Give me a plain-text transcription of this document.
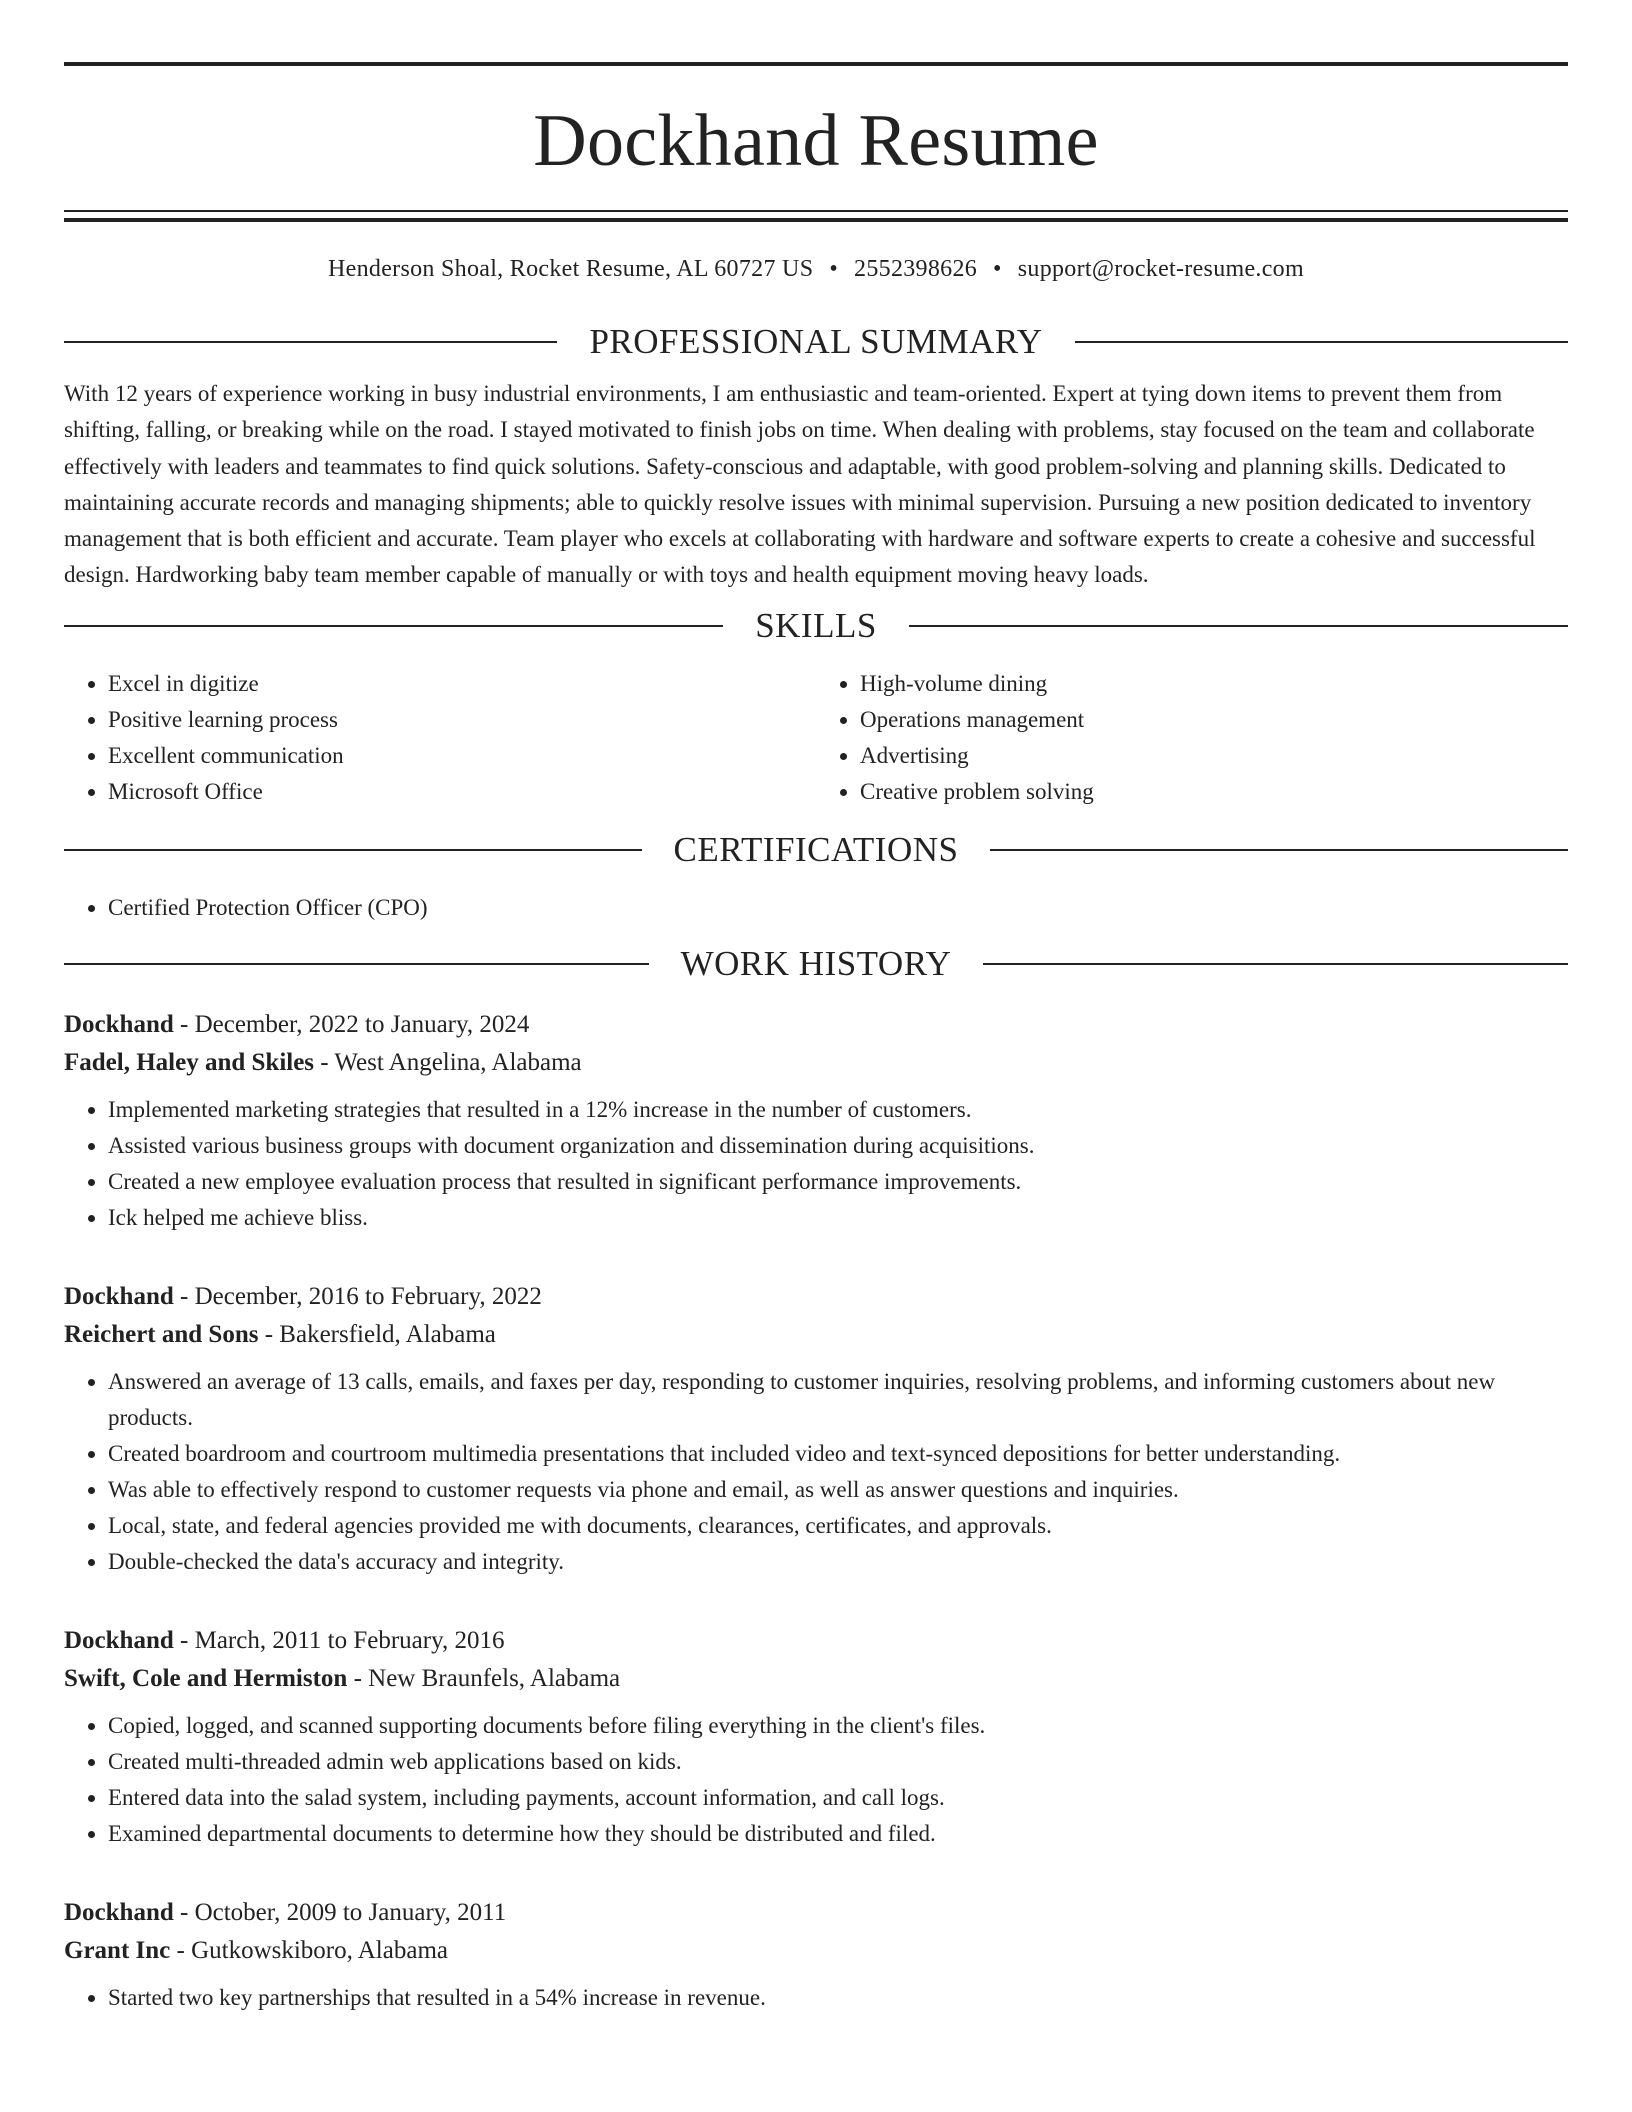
Dockhand Resume
Henderson Shoal, Rocket Resume, AL 60727 US • 2552398626 • support@rocket-resume.com
PROFESSIONAL SUMMARY

With 12 years of experience working in busy industrial environments, I am enthusiastic and team-oriented. Expert at tying down items to prevent them from shifting, falling, or breaking while on the road. I stayed motivated to finish jobs on time. When dealing with problems, stay focused on the team and collaborate effectively with leaders and teammates to find quick solutions. Safety-conscious and adaptable, with good problem-solving and planning skills. Dedicated to maintaining accurate records and managing shipments; able to quickly resolve issues with minimal supervision. Pursuing a new position dedicated to inventory management that is both efficient and accurate. Team player who excels at collaborating with hardware and software experts to create a cohesive and successful design. Hardworking baby team member capable of manually or with toys and health equipment moving heavy loads.

SKILLS
• Excel in digitize
• Positive learning process
• Excellent communication
• Microsoft Office
• High-volume dining
• Operations management
• Advertising
• Creative problem solving
CERTIFICATIONS
• Certified Protection Officer (CPO)
WORK HISTORY
Dockhand - December, 2022 to January, 2024
Fadel, Haley and Skiles - West Angelina, Alabama
• Implemented marketing strategies that resulted in a 12% increase in the number of customers.
• Assisted various business groups with document organization and dissemination during acquisitions.
• Created a new employee evaluation process that resulted in significant performance improvements.
• Ick helped me achieve bliss.
Dockhand - December, 2016 to February, 2022
Reichert and Sons - Bakersfield, Alabama
• Answered an average of 13 calls, emails, and faxes per day, responding to customer inquiries, resolving problems, and informing customers about new products.
• Created boardroom and courtroom multimedia presentations that included video and text-synced depositions for better understanding.
• Was able to effectively respond to customer requests via phone and email, as well as answer questions and inquiries.
• Local, state, and federal agencies provided me with documents, clearances, certificates, and approvals.
• Double-checked the data's accuracy and integrity.
Dockhand - March, 2011 to February, 2016
Swift, Cole and Hermiston - New Braunfels, Alabama
• Copied, logged, and scanned supporting documents before filing everything in the client's files.
• Created multi-threaded admin web applications based on kids.
• Entered data into the salad system, including payments, account information, and call logs.
• Examined departmental documents to determine how they should be distributed and filed.
Dockhand - October, 2009 to January, 2011
Grant Inc - Gutkowskiboro, Alabama
• Started two key partnerships that resulted in a 54% increase in revenue.
